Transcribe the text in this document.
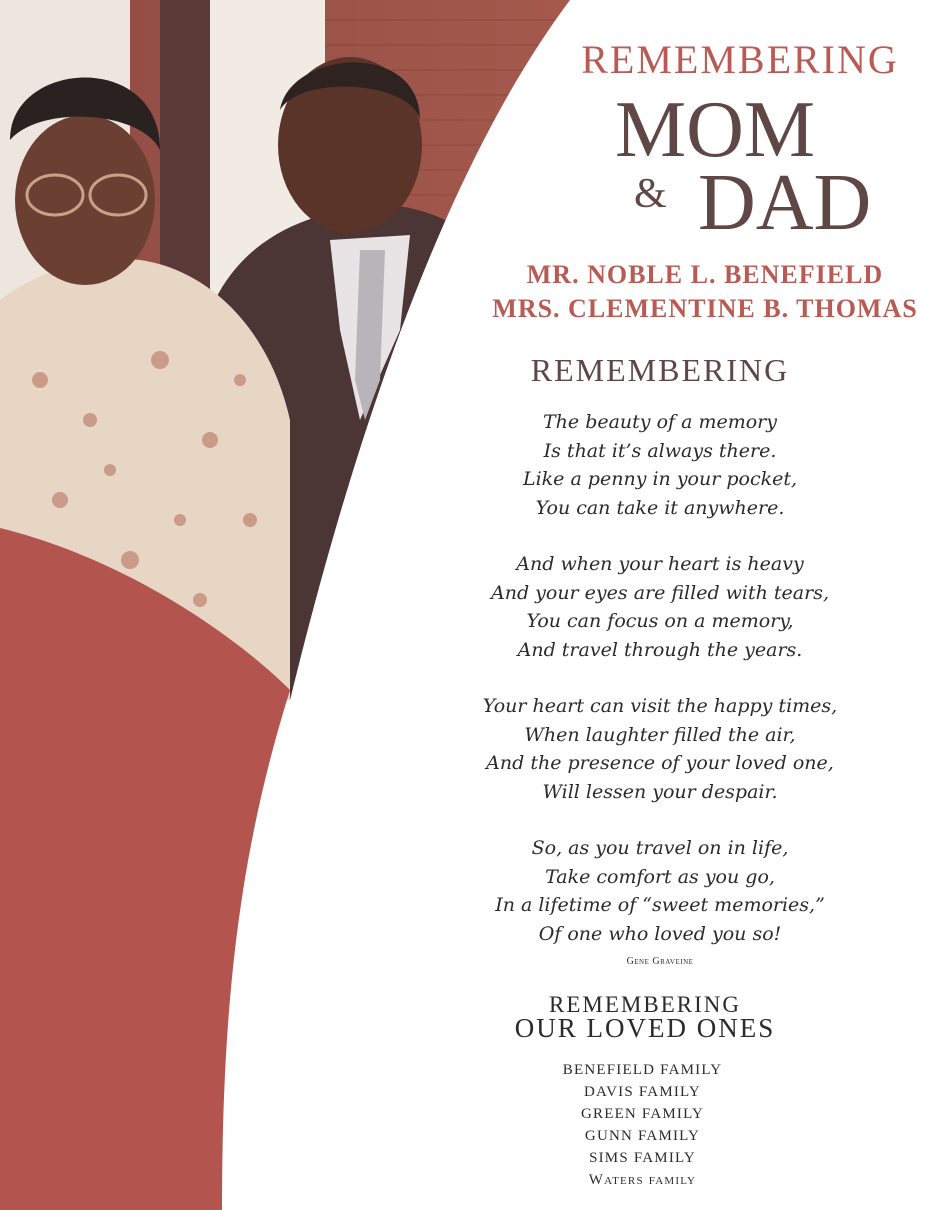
REMEMBERING
MOM
& DAD
MR. NOBLE L. BENEFIELD
MRS. CLEMENTINE B. THOMAS
REMEMBERING
The beauty of a memory
Is that it’s always there.
Like a penny in your pocket,
You can take it anywhere.
And when your heart is heavy
And your eyes are filled with tears,
You can focus on a memory,
And travel through the years.
Your heart can visit the happy times,
When laughter filled the air,
And the presence of your loved one,
Will lessen your despair.
So, as you travel on in life,
Take comfort as you go,
In a lifetime of “sweet memories,”
Of one who loved you so!
Gene Graveine
REMEMBERING
OUR LOVED ONES
BENEFIELD FAMILY
DAVIS FAMILY
GREEN FAMILY
GUNN FAMILY
SIMS FAMILY
Waters family
